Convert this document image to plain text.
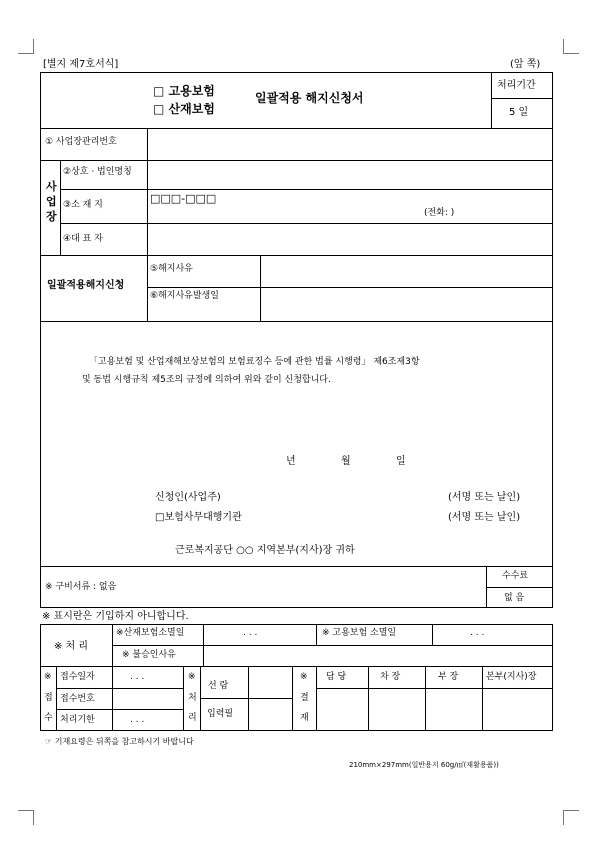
[별지 제7호서식]	(앞 쪽)
□ 고용보험
□ 산재보험
일괄적용 해지신청서
처리기간
5 일
① 사업장관리번호
사
업
장
②상호 · 법인명칭
③소 재 지	□□□-□□□
(전화: )
④대 표 자
일괄적용해지신청
⑤해지사유
⑥해지사유발생일
「고용보험 및 산업재해보상보험의 보험료징수 등에 관한 법률 시행령」 제6조제3항
및 동법 시행규칙 제5조의 규정에 의하여 위와 같이 신청합니다.
년	월	일
신청인(사업주)	(서명 또는 날인)
□보험사무대행기관	(서명 또는 날인)
근로복지공단 ○○ 지역본부(지사)장 귀하
※ 구비서류 : 없음
수수료
없 음
※ 표시란은 기입하지 아니합니다.
※ 처 리
※산재보험소멸일	. . .	※ 고용보험 소멸일	. . .
※ 불승인사유
※
접
수
접수일자	. . .
접수번호
처리기한	. . .
※
처
리
선 람
입력필
※
결
재
담 당	차 장	부 장	본부(지사)장
☞ 기재요령은 뒤쪽을 참고하시기 바랍니다
210mm×297mm(일반용지 60g/㎡(재활용품))
